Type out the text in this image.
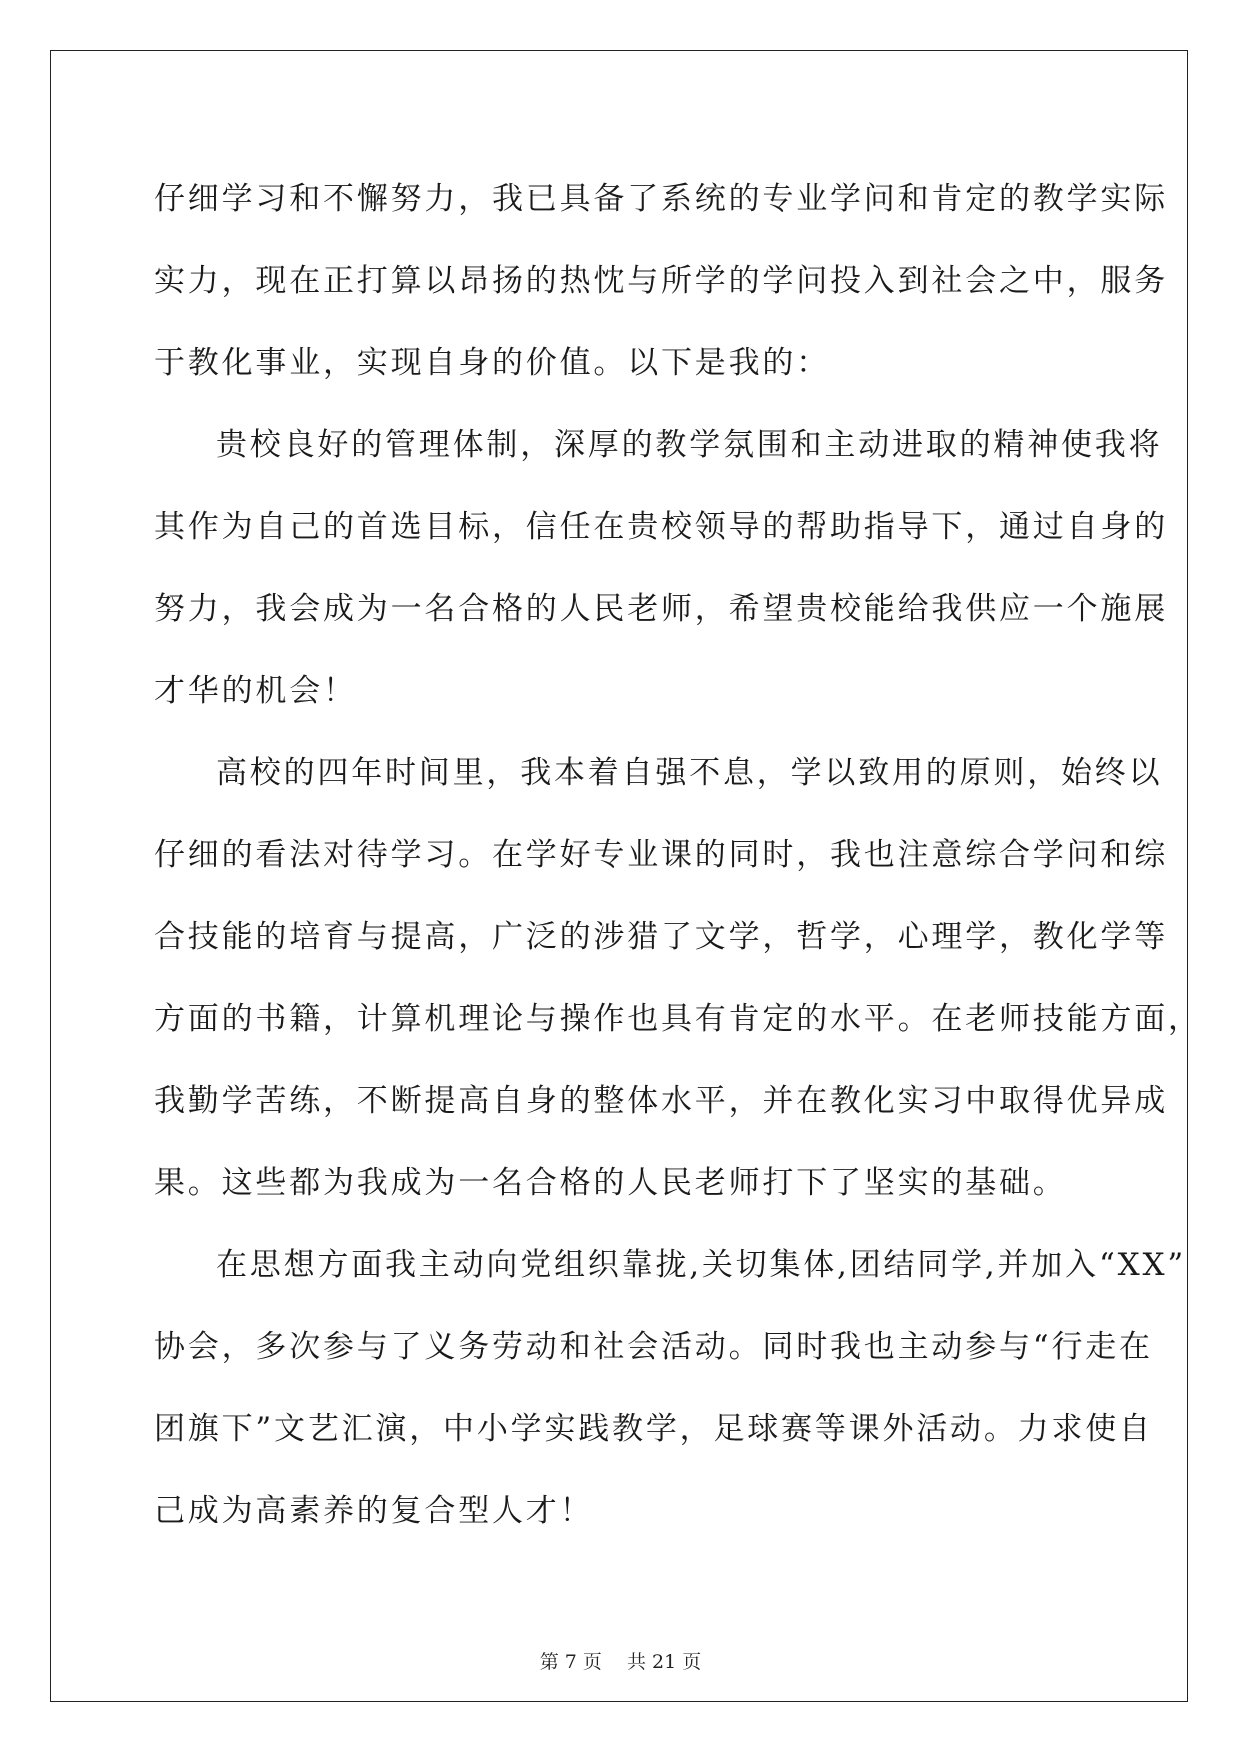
仔细学习和不懈努力，我已具备了系统的专业学问和肯定的教学实际

实力，现在正打算以昂扬的热忱与所学的学问投入到社会之中，服务

于教化事业，实现自身的价值。以下是我的：

贵校良好的管理体制，深厚的教学氛围和主动进取的精神使我将

其作为自己的首选目标，信任在贵校领导的帮助指导下，通过自身的

努力，我会成为一名合格的人民老师，希望贵校能给我供应一个施展

才华的机会！

高校的四年时间里，我本着自强不息，学以致用的原则，始终以

仔细的看法对待学习。在学好专业课的同时，我也注意综合学问和综

合技能的培育与提高，广泛的涉猎了文学，哲学，心理学，教化学等

方面的书籍，计算机理论与操作也具有肯定的水平。在老师技能方面，

我勤学苦练，不断提高自身的整体水平，并在教化实习中取得优异成

果。这些都为我成为一名合格的人民老师打下了坚实的基础。

在思想方面我主动向党组织靠拢,关切集体,团结同学,并加入“XX”

协会，多次参与了义务劳动和社会活动。同时我也主动参与“行走在

团旗下”文艺汇演，中小学实践教学，足球赛等课外活动。力求使自

己成为高素养的复合型人才！

第 7 页　 共 21 页
